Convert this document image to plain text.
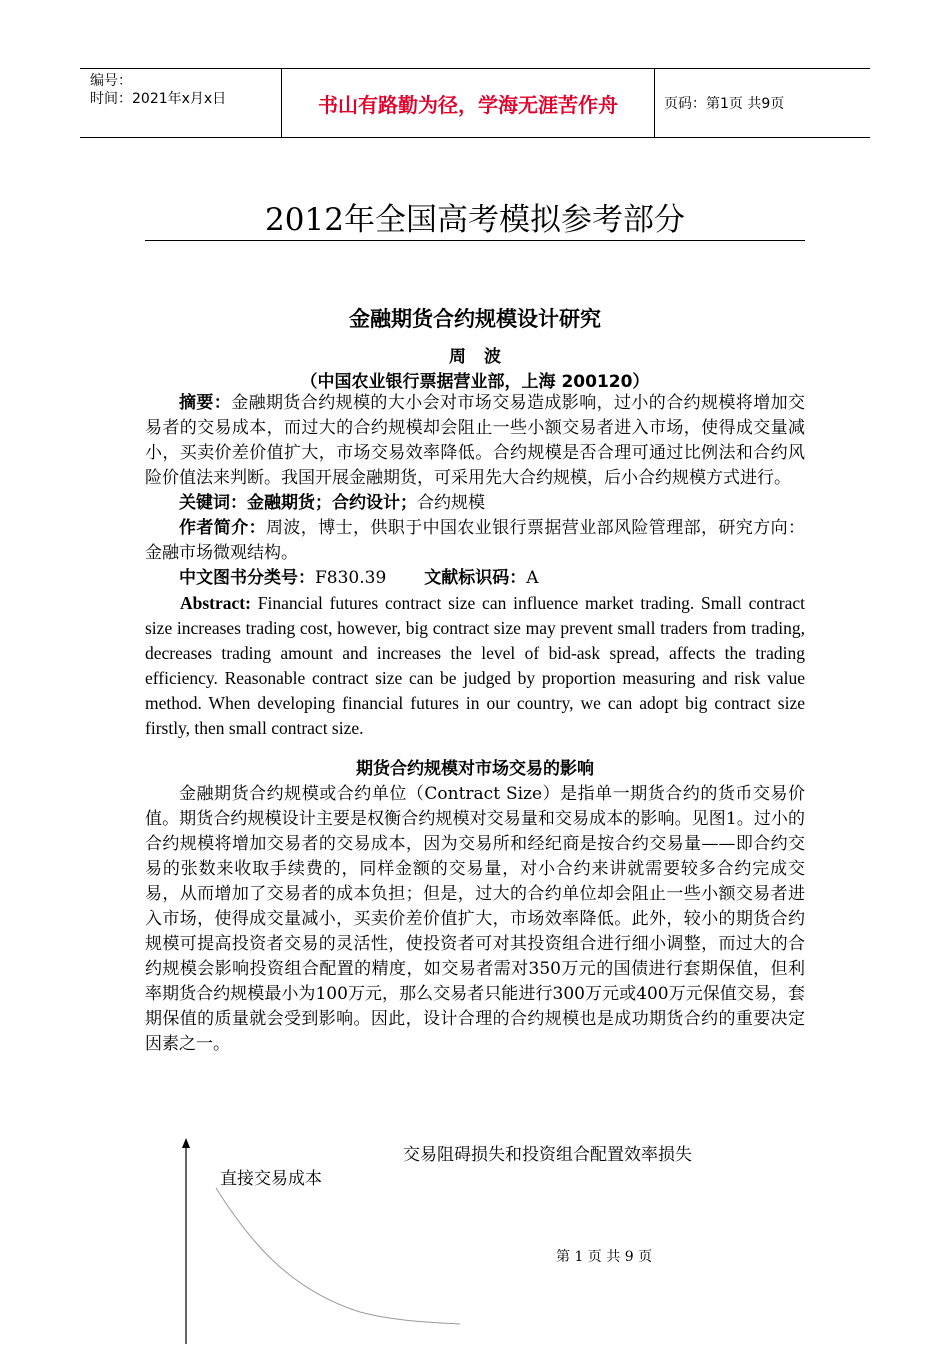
编号：
时间：2021年x月x日	书山有路勤为径，学海无涯苦作舟	页码：第1页 共9页
2012年全国高考模拟参考部分
金融期货合约规模设计研究
周波
（中国农业银行票据营业部，上海 200120）
摘要：金融期货合约规模的大小会对市场交易造成影响，过小的合约规模将增加交易者的交易成本，而过大的合约规模却会阻止一些小额交易者进入市场，使得成交量减小，买卖价差价值扩大，市场交易效率降低。合约规模是否合理可通过比例法和合约风险价值法来判断。我国开展金融期货，可采用先大合约规模，后小合约规模方式进行。
关键词：金融期货；合约设计；合约规模
作者简介：周波，博士，供职于中国农业银行票据营业部风险管理部，研究方向：金融市场微观结构。
中文图书分类号：F830.39 文献标识码：A
Abstract: Financial futures contract size can influence market trading. Small contract size increases trading cost, however, big contract size may prevent small traders from trading, decreases trading amount and increases the level of bid-ask spread, affects the trading efficiency. Reasonable contract size can be judged by proportion measuring and risk value method. When developing financial futures in our country, we can adopt big contract size firstly, then small contract size.
期货合约规模对市场交易的影响
金融期货合约规模或合约单位（Contract Size）是指单一期货合约的货币交易价值。期货合约规模设计主要是权衡合约规模对交易量和交易成本的影响。见图1。过小的合约规模将增加交易者的交易成本，因为交易所和经纪商是按合约交易量——即合约交易的张数来收取手续费的，同样金额的交易量，对小合约来讲就需要较多合约完成交易，从而增加了交易者的成本负担；但是，过大的合约单位却会阻止一些小额交易者进入市场，使得成交量减小，买卖价差价值扩大，市场效率降低。此外，较小的期货合约规模可提高投资者交易的灵活性，使投资者可对其投资组合进行细小调整，而过大的合约规模会影响投资组合配置的精度，如交易者需对350万元的国债进行套期保值，但利率期货合约规模最小为100万元，那么交易者只能进行300万元或400万元保值交易，套期保值的质量就会受到影响。因此，设计合理的合约规模也是成功期货合约的重要决定因素之一。
交易阻碍损失和投资组合配置效率损失
直接交易成本
第 1 页 共 9 页
